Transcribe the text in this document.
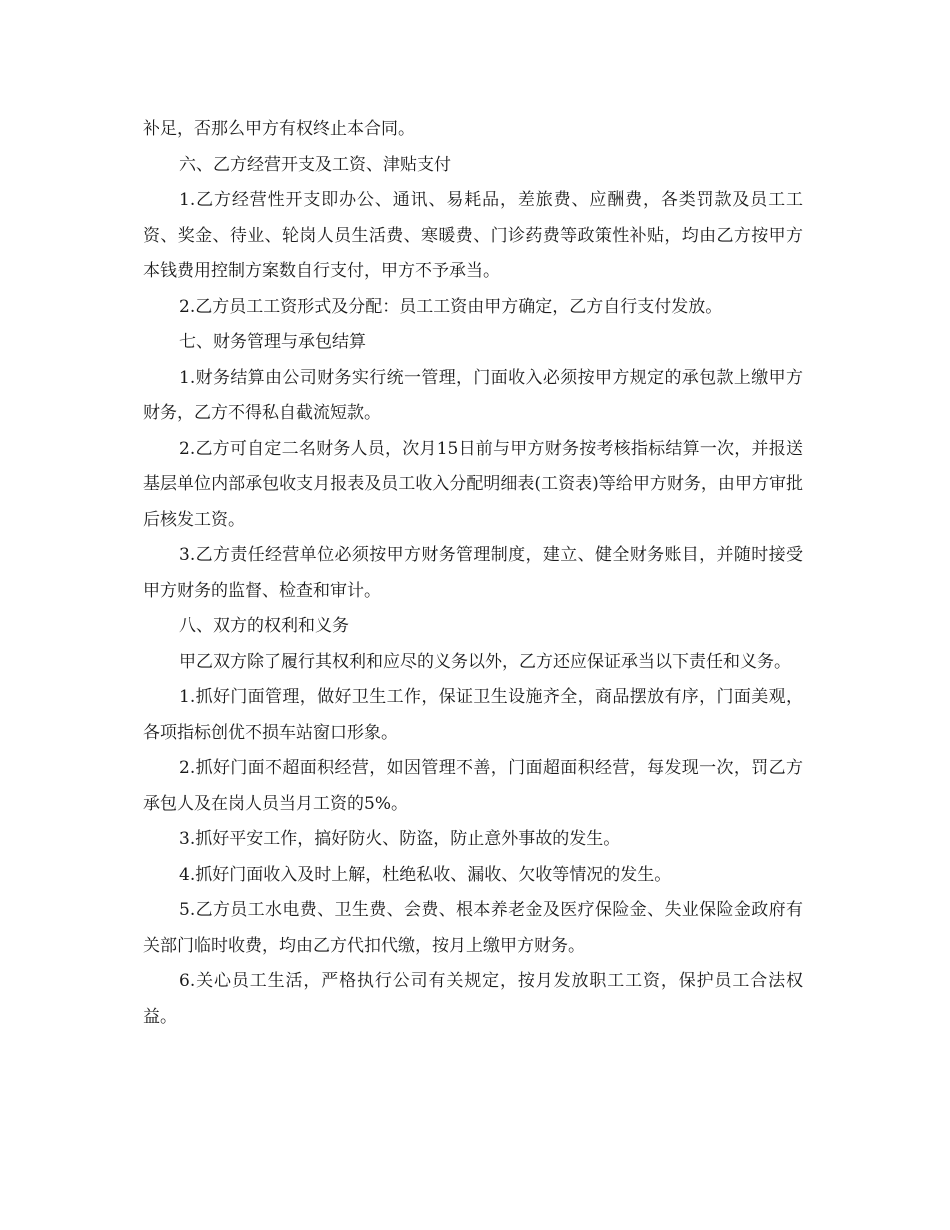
补足，否那么甲方有权终止本合同。

六、乙方经营开支及工资、津贴支付

1.乙方经营性开支即办公、通讯、易耗品，差旅费、应酬费，各类罚款及员工工资、奖金、待业、轮岗人员生活费、寒暖费、门诊药费等政策性补贴，均由乙方按甲方本钱费用控制方案数自行支付，甲方不予承当。

2.乙方员工工资形式及分配：员工工资由甲方确定，乙方自行支付发放。

七、财务管理与承包结算

1.财务结算由公司财务实行统一管理，门面收入必须按甲方规定的承包款上缴甲方财务，乙方不得私自截流短款。

2.乙方可自定二名财务人员，次月15日前与甲方财务按考核指标结算一次，并报送基层单位内部承包收支月报表及员工收入分配明细表(工资表)等给甲方财务，由甲方审批后核发工资。

3.乙方责任经营单位必须按甲方财务管理制度，建立、健全财务账目，并随时接受甲方财务的监督、检查和审计。

八、双方的权利和义务

甲乙双方除了履行其权利和应尽的义务以外，乙方还应保证承当以下责任和义务。

1.抓好门面管理，做好卫生工作，保证卫生设施齐全，商品摆放有序，门面美观，各项指标创优不损车站窗口形象。

2.抓好门面不超面积经营，如因管理不善，门面超面积经营，每发现一次，罚乙方承包人及在岗人员当月工资的5%。

3.抓好平安工作，搞好防火、防盗，防止意外事故的发生。

4.抓好门面收入及时上解，杜绝私收、漏收、欠收等情况的发生。

5.乙方员工水电费、卫生费、会费、根本养老金及医疗保险金、失业保险金政府有关部门临时收费，均由乙方代扣代缴，按月上缴甲方财务。

6.关心员工生活，严格执行公司有关规定，按月发放职工工资，保护员工合法权益。
